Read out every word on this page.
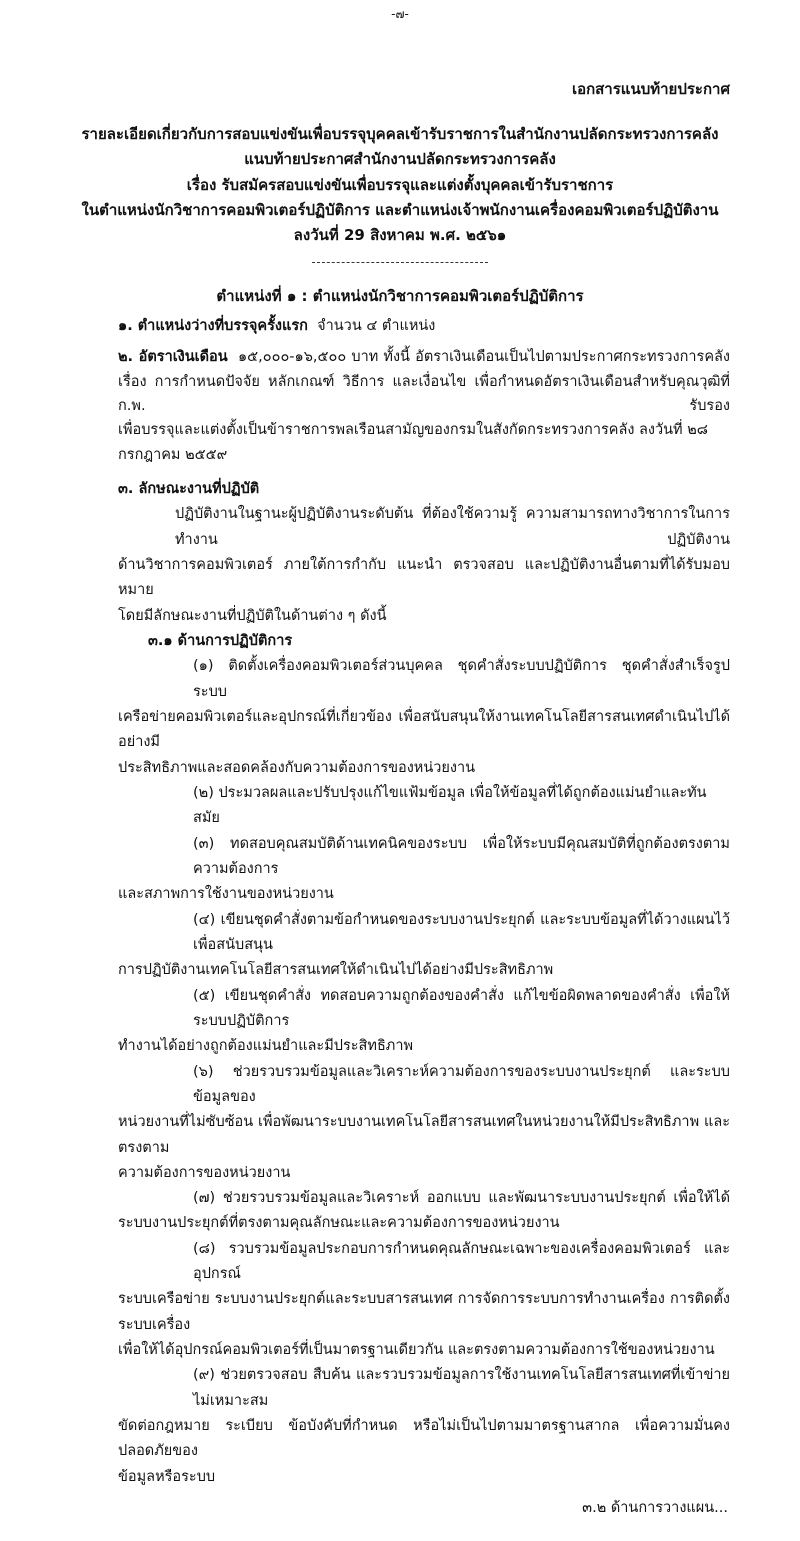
-๗-
เอกสารแนบท้ายประกาศ
รายละเอียดเกี่ยวกับการสอบแข่งขันเพื่อบรรจุบุคคลเข้ารับราชการในสำนักงานปลัดกระทรวงการคลัง
แนบท้ายประกาศสำนักงานปลัดกระทรวงการคลัง
เรื่อง รับสมัครสอบแข่งขันเพื่อบรรจุและแต่งตั้งบุคคลเข้ารับราชการ
ในตำแหน่งนักวิชาการคอมพิวเตอร์ปฏิบัติการ และตำแหน่งเจ้าพนักงานเครื่องคอมพิวเตอร์ปฏิบัติงาน
ลงวันที่ 29 สิงหาคม พ.ศ. ๒๕๖๑
ตำแหน่งที่ ๑ : ตำแหน่งนักวิชาการคอมพิวเตอร์ปฏิบัติการ
๑. ตำแหน่งว่างที่บรรจุครั้งแรก จำนวน ๔ ตำแหน่ง
๒. อัตราเงินเดือน ๑๕,๐๐๐-๑๖,๕๐๐ บาท ทั้งนี้ อัตราเงินเดือนเป็นไปตามประกาศกระทรวงการคลัง
เรื่อง การกำหนดปัจจัย หลักเกณฑ์ วิธีการ และเงื่อนไข เพื่อกำหนดอัตราเงินเดือนสำหรับคุณวุฒิที่ ก.พ. รับรอง
เพื่อบรรจุและแต่งตั้งเป็นข้าราชการพลเรือนสามัญของกรมในสังกัดกระทรวงการคลัง ลงวันที่ ๒๘ กรกฎาคม ๒๕๕๙
๓. ลักษณะงานที่ปฏิบัติ
ปฏิบัติงานในฐานะผู้ปฏิบัติงานระดับต้น ที่ต้องใช้ความรู้ ความสามารถทางวิชาการในการทำงาน ปฏิบัติงาน
ด้านวิชาการคอมพิวเตอร์ ภายใต้การกำกับ แนะนำ ตรวจสอบ และปฏิบัติงานอื่นตามที่ได้รับมอบหมาย
โดยมีลักษณะงานที่ปฏิบัติในด้านต่าง ๆ ดังนี้
๓.๑ ด้านการปฏิบัติการ
(๑) ติดตั้งเครื่องคอมพิวเตอร์ส่วนบุคคล ชุดคำสั่งระบบปฏิบัติการ ชุดคำสั่งสำเร็จรูป ระบบ
เครือข่ายคอมพิวเตอร์และอุปกรณ์ที่เกี่ยวข้อง เพื่อสนับสนุนให้งานเทคโนโลยีสารสนเทศดำเนินไปได้อย่างมี
ประสิทธิภาพและสอดคล้องกับความต้องการของหน่วยงาน
(๒) ประมวลผลและปรับปรุงแก้ไขแฟ้มข้อมูล เพื่อให้ข้อมูลที่ได้ถูกต้องแม่นยำและทันสมัย
(๓) ทดสอบคุณสมบัติด้านเทคนิคของระบบ เพื่อให้ระบบมีคุณสมบัติที่ถูกต้องตรงตามความต้องการ
และสภาพการใช้งานของหน่วยงาน
(๔) เขียนชุดคำสั่งตามข้อกำหนดของระบบงานประยุกต์ และระบบข้อมูลที่ได้วางแผนไว้ เพื่อสนับสนุน
การปฏิบัติงานเทคโนโลยีสารสนเทศให้ดำเนินไปได้อย่างมีประสิทธิภาพ
(๕) เขียนชุดคำสั่ง ทดสอบความถูกต้องของคำสั่ง แก้ไขข้อผิดพลาดของคำสั่ง เพื่อให้ระบบปฏิบัติการ
ทำงานได้อย่างถูกต้องแม่นยำและมีประสิทธิภาพ
(๖) ช่วยรวบรวมข้อมูลและวิเคราะห์ความต้องการของระบบงานประยุกต์ และระบบข้อมูลของ
หน่วยงานที่ไม่ซับซ้อน เพื่อพัฒนาระบบงานเทคโนโลยีสารสนเทศในหน่วยงานให้มีประสิทธิภาพ และตรงตาม
ความต้องการของหน่วยงาน
(๗) ช่วยรวบรวมข้อมูลและวิเคราะห์ ออกแบบ และพัฒนาระบบงานประยุกต์ เพื่อให้ได้
ระบบงานประยุกต์ที่ตรงตามคุณลักษณะและความต้องการของหน่วยงาน
(๘) รวบรวมข้อมูลประกอบการกำหนดคุณลักษณะเฉพาะของเครื่องคอมพิวเตอร์ และอุปกรณ์
ระบบเครือข่าย ระบบงานประยุกต์และระบบสารสนเทศ การจัดการระบบการทำงานเครื่อง การติดตั้งระบบเครื่อง
เพื่อให้ได้อุปกรณ์คอมพิวเตอร์ที่เป็นมาตรฐานเดียวกัน และตรงตามความต้องการใช้ของหน่วยงาน
(๙) ช่วยตรวจสอบ สืบค้น และรวบรวมข้อมูลการใช้งานเทคโนโลยีสารสนเทศที่เข้าข่ายไม่เหมาะสม
ขัดต่อกฎหมาย ระเบียบ ข้อบังคับที่กำหนด หรือไม่เป็นไปตามมาตรฐานสากล เพื่อความมั่นคงปลอดภัยของ
ข้อมูลหรือระบบ
๓.๒ ด้านการวางแผน...
